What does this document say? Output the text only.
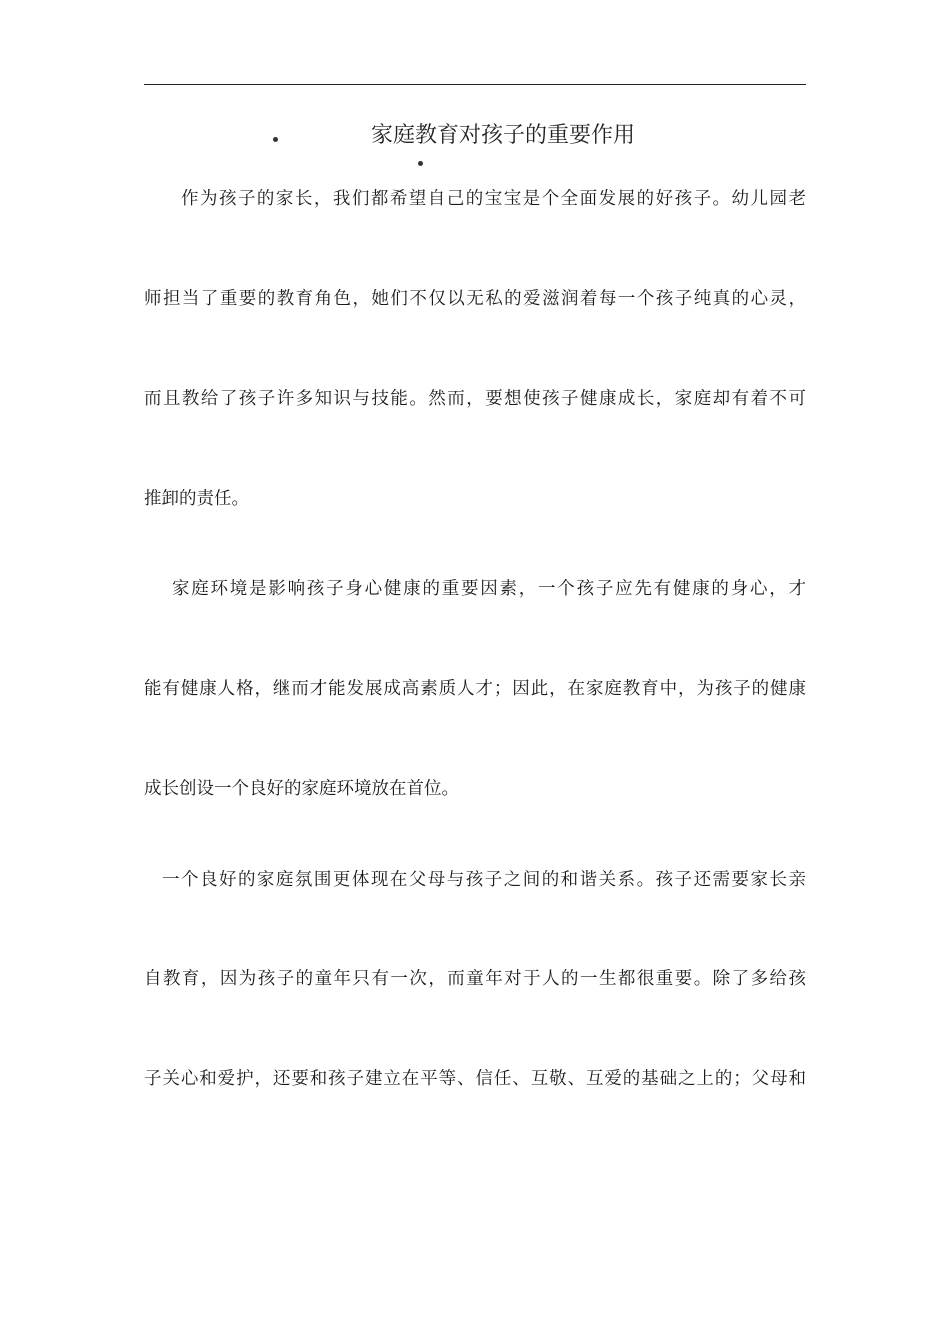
家庭教育对孩子的重要作用
作为孩子的家长，我们都希望自己的宝宝是个全面发展的好孩子。幼儿园老
师担当了重要的教育角色，她们不仅以无私的爱滋润着每一个孩子纯真的心灵，
而且教给了孩子许多知识与技能。然而，要想使孩子健康成长，家庭却有着不可
推卸的责任。
家庭环境是影响孩子身心健康的重要因素，一个孩子应先有健康的身心，才
能有健康人格，继而才能发展成高素质人才；因此，在家庭教育中，为孩子的健康
成长创设一个良好的家庭环境放在首位。
一个良好的家庭氛围更体现在父母与孩子之间的和谐关系。孩子还需要家长亲
自教育，因为孩子的童年只有一次，而童年对于人的一生都很重要。除了多给孩
子关心和爱护，还要和孩子建立在平等、信任、互敬、互爱的基础之上的；父母和
